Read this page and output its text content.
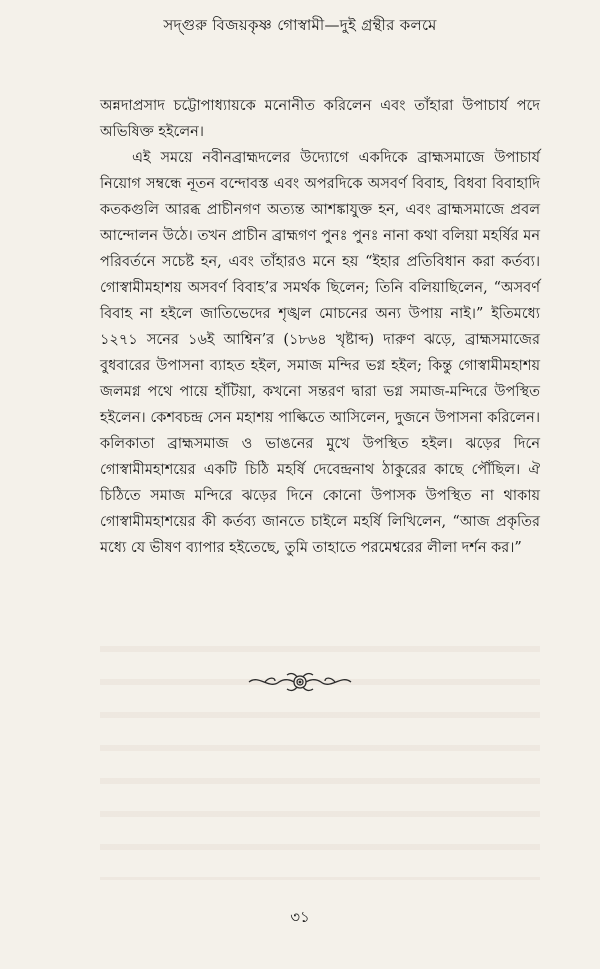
সদ্গুরু বিজয়কৃষ্ণ গোস্বামী—দুই গ্রন্থীর কলমে

অন্নদাপ্রসাদ চট্টোপাধ্যায়কে মনোনীত করিলেন এবং তাঁহারা উপাচার্য পদে অভিষিক্ত হইলেন।

এই সময়ে নবীনব্রাহ্মদলের উদ্যোগে একদিকে ব্রাহ্মসমাজে উপাচার্য নিয়োগ সম্বন্ধে নূতন বন্দোবস্ত এবং অপরদিকে অসবর্ণ বিবাহ, বিধবা বিবাহাদি কতকগুলি আরব্ধ প্রাচীনগণ অত্যন্ত আশঙ্কাযুক্ত হন, এবং ব্রাহ্মসমাজে প্রবল আন্দোলন উঠে। তখন প্রাচীন ব্রাহ্মগণ পুনঃ পুনঃ নানা কথা বলিয়া মহর্ষির মন পরিবর্তনে সচেষ্ট হন, এবং তাঁহারও মনে হয় “ইহার প্রতিবিধান করা কর্তব্য। গোস্বামীমহাশয় অসবর্ণ বিবাহ’র সমর্থক ছিলেন; তিনি বলিয়াছিলেন, “অসবর্ণ বিবাহ না হইলে জাতিভেদের শৃঙ্খল মোচনের অন্য উপায় নাই।” ইতিমধ্যে ১২৭১ সনের ১৬ই আশ্বিন’র (১৮৬৪ খৃষ্টাব্দ) দারুণ ঝড়ে, ব্রাহ্মসমাজের বুধবারের উপাসনা ব্যাহত হইল, সমাজ মন্দির ভগ্ন হইল; কিন্তু গোস্বামীমহাশয় জলমগ্ন পথে পায়ে হাঁটিয়া, কখনো সন্তরণ দ্বারা ভগ্ন সমাজ-মন্দিরে উপস্থিত হইলেন। কেশবচন্দ্র সেন মহাশয় পাল্কিতে আসিলেন, দুজনে উপাসনা করিলেন। কলিকাতা ব্রাহ্মসমাজ ও ভাঙনের মুখে উপস্থিত হইল। ঝড়ের দিনে গোস্বামীমহাশয়ের একটি চিঠি মহর্ষি দেবেন্দ্রনাথ ঠাকুরের কাছে পৌঁছিল। ঐ চিঠিতে সমাজ মন্দিরে ঝড়ের দিনে কোনো উপাসক উপস্থিত না থাকায় গোস্বামীমহাশয়ের কী কর্তব্য জানতে চাইলে মহর্ষি লিখিলেন, “আজ প্রকৃতির মধ্যে যে ভীষণ ব্যাপার হইতেছে, তুমি তাহাতে পরমেশ্বরের লীলা দর্শন কর।”

৩১
